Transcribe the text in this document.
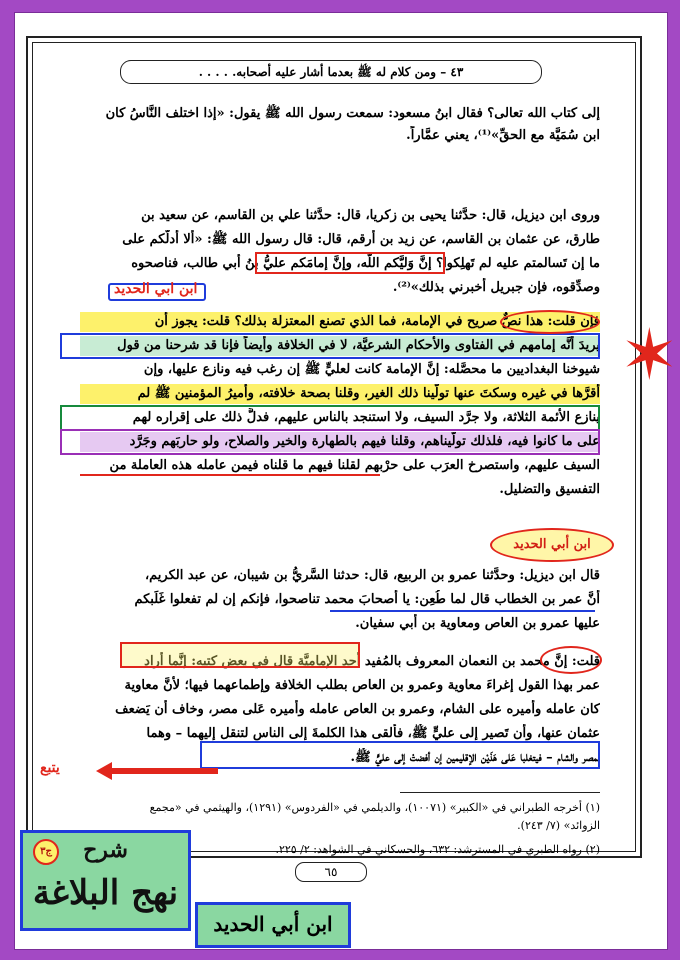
✶
٤٣ – ومن كلام له ﷺ بعدما أشار عليه أصحابه. . . . .
إلى كتاب الله تعالى؟ فقال ابنُ مسعود: سمعت رسول الله ﷺ يقول: «إذا اختلف النَّاسُ كان
ابن سُمَيَّة مع الحقِّ»⁽¹⁾، يعني عمَّاراً.
وروى ابن ديزيل، قال: حدَّثنا يحيى بن زكريا، قال: حدَّثنا علي بن القاسم، عن سعيد بن
طارق، عن عثمان بن القاسم، عن زيد بن أرقم، قال: قال رسول الله ﷺ: «ألا أدلُّكم على
ما إن تَسالمتم عليه لم تَهلِكوا؟ إنَّ وَليَّكم اللّه، وإنَّ إمامَكم عليُّ بنُ أبي طالب، فناصحوه
وصدِّقوه، فإن جبريل أخبرني بذلك»⁽²⁾.
ابن ابي الحديد
فإن قلت: هذا نصٌّ صريح في الإمامة، فما الذي تصنع المعتزلة بذلك؟ قلت: يجوز أن
يريدَ أنَّه إمامهم في الفتاوى والأحكام الشرعيَّة، لا في الخلافة وأيضاً فإنا قد شرحنا من قول
شيوخنا البغداديين ما محصَّله: إنَّ الإمامة كانت لعليٍّ ﷺ إن رغب فيه ونازع عليها، وإن
أقرَّها في غيره وسكتَ عنها تولَّينا ذلك الغير، وقلنا بصحة خلافته، وأميرُ المؤمنين ﷺ لم
ينازع الأئمة الثلاثة، ولا جرَّد السيف، ولا استنجد بالناس عليهم، فدلَّ ذلك على إقراره لهم
على ما كانوا فيه، فلذلك تولَّيناهم، وقلنا فيهم بالطهارة والخير والصلاح، ولو حاربَهم وجَرَّد
السيف عليهم، واستصرخ العرَب على حرْبهم لقلنا فيهم ما قلناه فيمن عامله هذه العاملة من
التفسيق والتضليل.
ابن أبي الحديد
قال ابن ديزيل: وحدَّثنا عمرو بن الربيع، قال: حدثنا السَّريُّ بن شيبان، عن عبد الكريم،
أنَّ عمر بن الخطاب قال لما طُعِن: يا أصحابَ محمد تناصحوا، فإنكم إن لم تفعلوا غَلَبكم
عليها عمرو بن العاص ومعاوية بن أبي سفيان.
قلت: إنَّ محمد بن النعمان المعروف بالمُفيد أحد الإماميَّة قال في بعض كتبه: إنَّما أراد
عمر بهذا القول إغراءَ معاوية وعمرو بن العاص بطلب الخلافة وإطماعهما فيها؛ لأنَّ معاوية
كان عامله وأميره على الشام، وعمرو بن العاص عامله وأميره عَلى مصر، وخاف أن يَضعف
عثمان عنها، وأن تَصير إلى عليٍّ ﷺ، فألقى هذا الكلمةَ إلى الناس لتنقل إليهما – وهما
بمصر والشام – فيتغلبا عَلى هَذَيْن الإقليمين إن أفضتْ إلى عليٍّ ﷺ.
يتبع
(١) أخرجه الطبراني في «الكبير» (١٠٠٧١)، والديلمي في «الفردوس» (١٢٩١)، والهيثمي في «مجمع
الزوائد» (٧/ ٢٤٣).
(٢) رواه الطبري في المسترشد: ٦٣٢، والحسكاني في الشواهد: ٢/ ٢٢٥.
٦٥
ج٣	شرح
نهج البلاغة
ابن أبي الحديد
